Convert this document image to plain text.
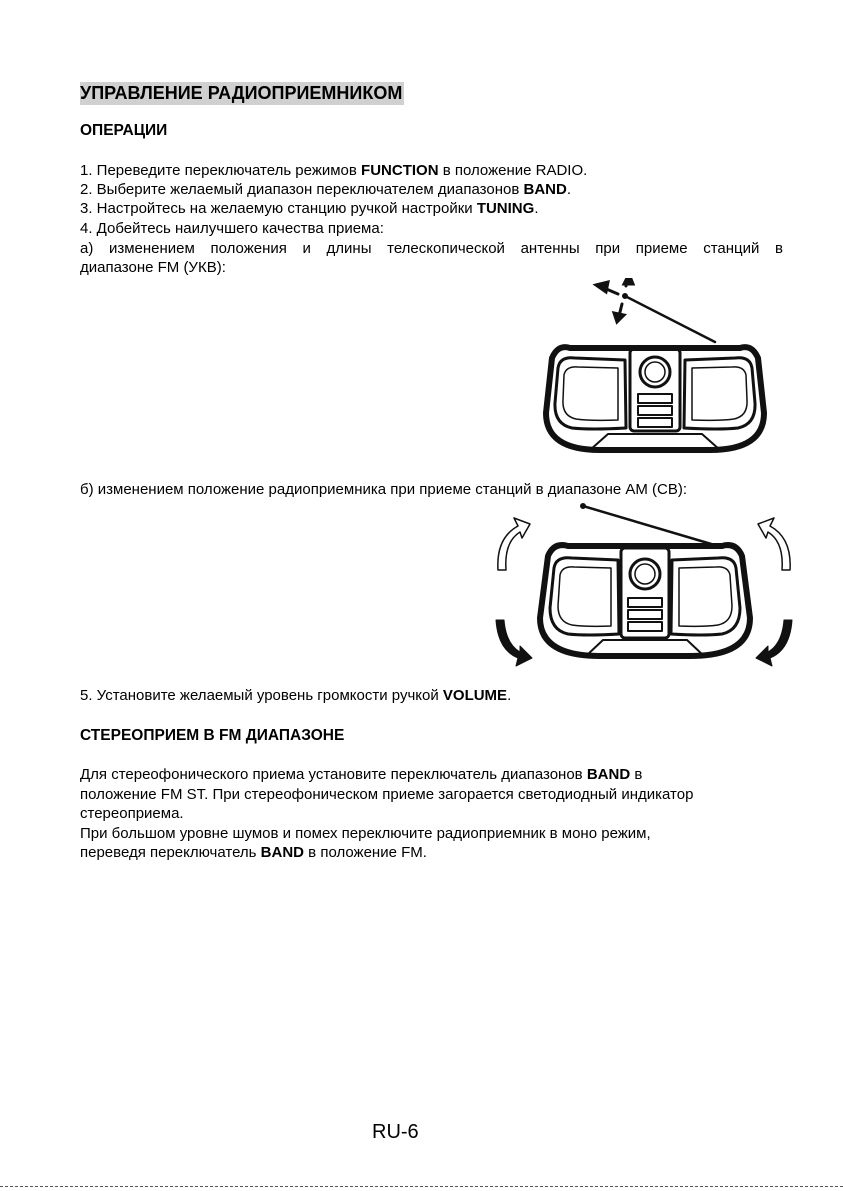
УПРАВЛЕНИЕ РАДИОПРИЕМНИКОМ
ОПЕРАЦИИ

1. Переведите переключатель режимов FUNCTION в положение RADIO.

2. Выберите желаемый диапазон переключателем диапазонов BAND.

3. Настройтесь на желаемую станцию ручкой настройки TUNING.

4. Добейтесь наилучшего качества приема:

а) изменением положения и длины телескопической антенны при приеме станций в

диапазоне FM (УКВ):

б) изменением положение радиоприемника при приеме станций в диапазоне AM (СВ):

5. Установите желаемый уровень громкости ручкой VOLUME.

СТЕРЕОПРИЕМ В FM ДИАПАЗОНЕ

Для стереофонического приема установите переключатель диапазонов BAND в

положение FM ST. При стереофоническом приеме загорается светодиодный индикатор

стереоприема.

При большом уровне шумов и помех переключите радиоприемник в моно режим,

переведя переключатель BAND в положение FM.

RU-6
